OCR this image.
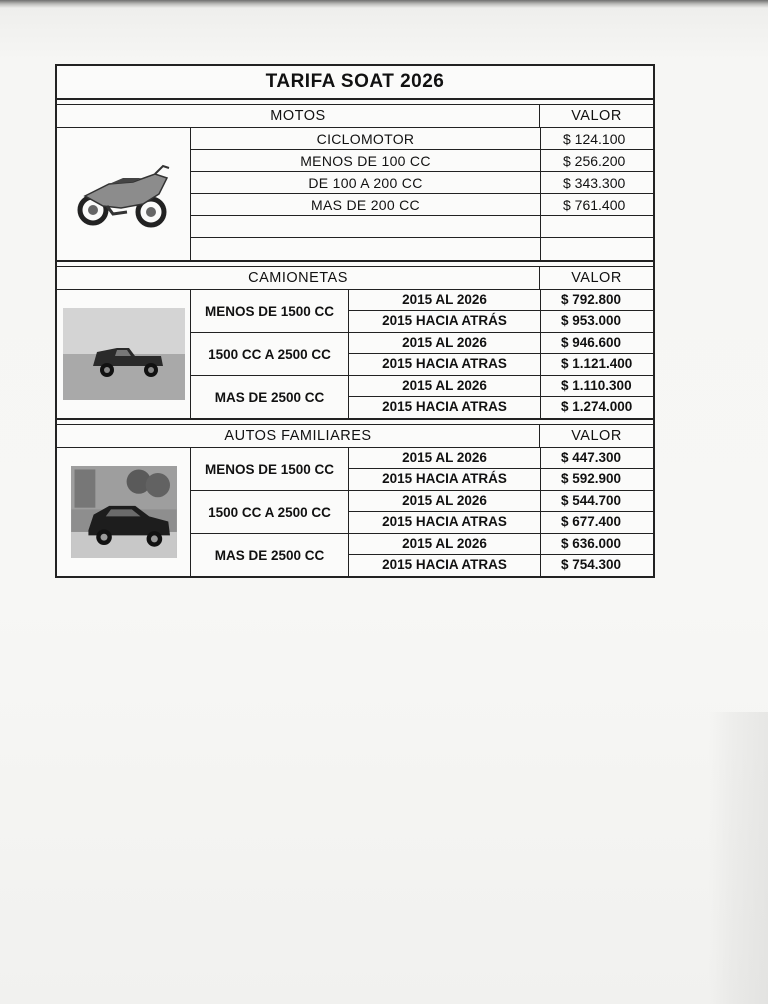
TARIFA SOAT 2026
MOTOS	VALOR
CICLOMOTOR	$ 124.100
MENOS DE 100 CC	$ 256.200
DE 100 A 200 CC	$ 343.300
MAS DE 200 CC	$ 761.400
CAMIONETAS	VALOR
MENOS DE 1500 CC
2015 AL 2026	$ 792.800
2015 HACIA ATRÁS	$ 953.000
1500 CC A 2500 CC
2015 AL 2026	$ 946.600
2015 HACIA ATRAS	$ 1.121.400
MAS DE 2500 CC
2015 AL 2026	$ 1.110.300
2015 HACIA ATRAS	$ 1.274.000
AUTOS FAMILIARES	VALOR
MENOS DE 1500 CC
2015 AL 2026	$ 447.300
2015 HACIA ATRÁS	$ 592.900
1500 CC A 2500 CC
2015 AL 2026	$ 544.700
2015 HACIA ATRAS	$ 677.400
MAS DE 2500 CC
2015 AL 2026	$ 636.000
2015 HACIA ATRAS	$ 754.300
